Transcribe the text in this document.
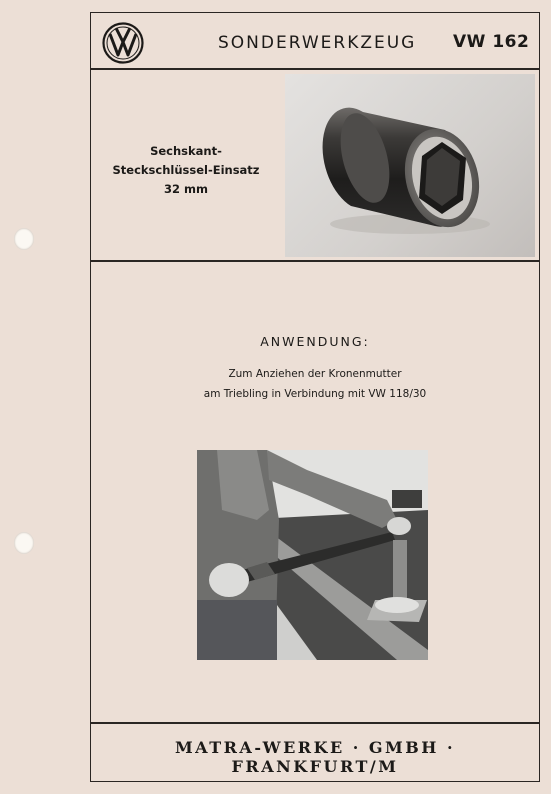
SONDERWERKZEUG VW 162
Sechskant-
Steckschlüssel-Einsatz
32 mm
ANWENDUNG:
Zum Anziehen der Kronenmutter
am Triebling in Verbindung mit VW 118/30
MATRA-WERKE · GMBH · FRANKFURT/M
